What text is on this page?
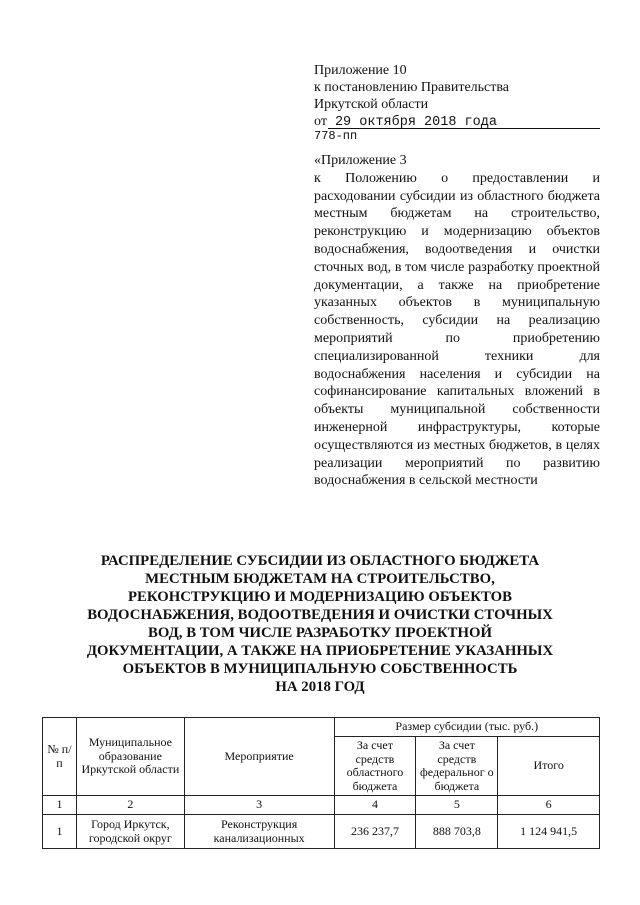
Приложение 10
к постановлению Правительства
Иркутской области
от 29 октября 2018 года
778-пп
«Приложение 3
к Положению о предоставлении и расходовании субсидии из областного бюджета местным бюджетам на строительство, реконструкцию и модернизацию объектов водоснабжения, водоотведения и очистки сточных вод, в том числе разработку проектной документации, а также на приобретение указанных объектов в муниципальную собственность, субсидии на реализацию мероприятий по приобретению специализированной техники для водоснабжения населения и субсидии на софинансирование капитальных вложений в объекты муниципальной собственности инженерной инфраструктуры, которые осуществляются из местных бюджетов, в целях реализации мероприятий по развитию водоснабжения в сельской местности
РАСПРЕДЕЛЕНИЕ СУБСИДИИ ИЗ ОБЛАСТНОГО БЮДЖЕТА
МЕСТНЫМ БЮДЖЕТАМ НА СТРОИТЕЛЬСТВО,
РЕКОНСТРУКЦИЮ И МОДЕРНИЗАЦИЮ ОБЪЕКТОВ
ВОДОСНАБЖЕНИЯ, ВОДООТВЕДЕНИЯ И ОЧИСТКИ СТОЧНЫХ
ВОД, В ТОМ ЧИСЛЕ РАЗРАБОТКУ ПРОЕКТНОЙ
ДОКУМЕНТАЦИИ, А ТАКЖЕ НА ПРИОБРЕТЕНИЕ УКАЗАННЫХ
ОБЪЕКТОВ В МУНИЦИПАЛЬНУЮ СОБСТВЕННОСТЬ
НА 2018 ГОД
№ п/п	Муниципальное образование Иркутской области	Мероприятие	Размер субсидии (тыс. руб.)		
			За счет средств областного бюджета	За счет средств федеральног о бюджета	Итого
1	2	3	4	5	6
1	Город Иркутск, городской округ	Реконструкция канализационных	236 237,7	888 703,8	1 124 941,5
